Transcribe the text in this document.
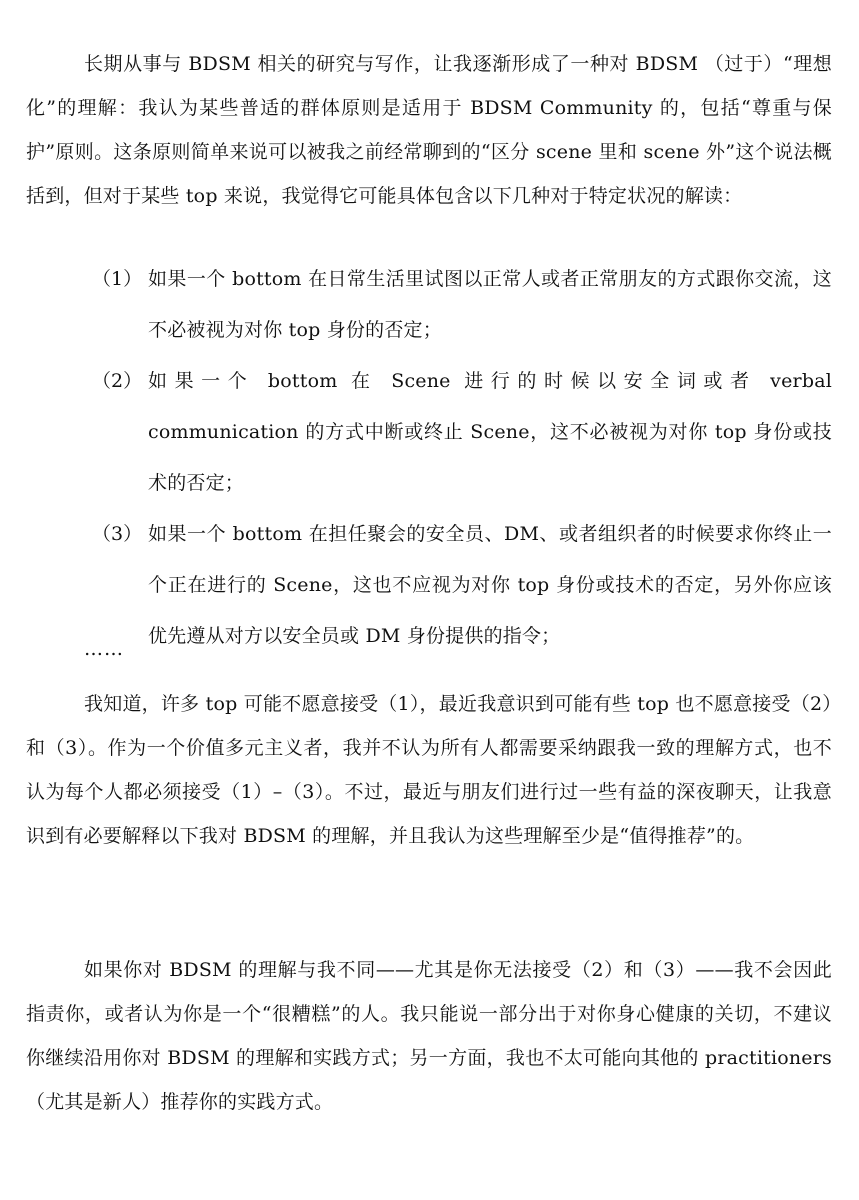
长期从事与 BDSM 相关的研究与写作，让我逐渐形成了一种对 BDSM （过于）“理想化”的理解：我认为某些普适的群体原则是适用于 BDSM Community 的，包括“尊重与保护”原则。这条原则简单来说可以被我之前经常聊到的“区分 scene 里和 scene 外”这个说法概括到，但对于某些 top 来说，我觉得它可能具体包含以下几种对于特定状况的解读：

（1） 如果一个 bottom 在日常生活里试图以正常人或者正常朋友的方式跟你交流，这不必被视为对你 top 身份的否定；
（2） 如果一个 bottom 在 Scene 进行的时候以安全词或者 verbal communication 的方式中断或终止 Scene，这不必被视为对你 top 身份或技术的否定；
（3） 如果一个 bottom 在担任聚会的安全员、DM、或者组织者的时候要求你终止一个正在进行的 Scene，这也不应视为对你 top 身份或技术的否定，另外你应该优先遵从对方以安全员或 DM 身份提供的指令；

……

我知道，许多 top 可能不愿意接受（1），最近我意识到可能有些 top 也不愿意接受（2）和（3）。作为一个价值多元主义者，我并不认为所有人都需要采纳跟我一致的理解方式，也不认为每个人都必须接受（1）–（3）。不过，最近与朋友们进行过一些有益的深夜聊天，让我意识到有必要解释以下我对 BDSM 的理解，并且我认为这些理解至少是“值得推荐”的。

如果你对 BDSM 的理解与我不同——尤其是你无法接受（2）和（3）——我不会因此指责你，或者认为你是一个“很糟糕”的人。我只能说一部分出于对你身心健康的关切，不建议你继续沿用你对 BDSM 的理解和实践方式；另一方面，我也不太可能向其他的 practitioners（尤其是新人）推荐你的实践方式。
